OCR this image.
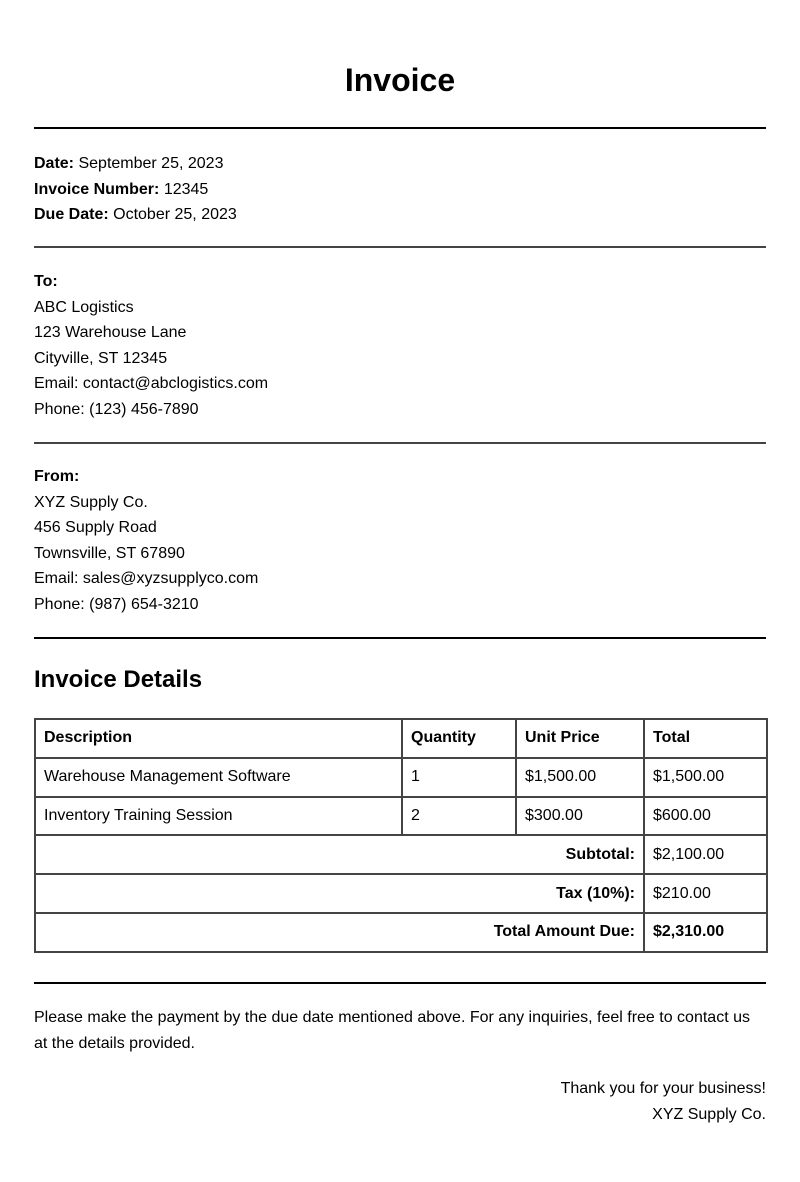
Invoice
Date: September 25, 2023
Invoice Number: 12345
Due Date: October 25, 2023
To:
ABC Logistics
123 Warehouse Lane
Cityville, ST 12345
Email: contact@abclogistics.com
Phone: (123) 456-7890
From:
XYZ Supply Co.
456 Supply Road
Townsville, ST 67890
Email: sales@xyzsupplyco.com
Phone: (987) 654-3210
Invoice Details
Description	Quantity	Unit Price	Total
Warehouse Management Software	1	$1,500.00	$1,500.00
Inventory Training Session	2	$300.00	$600.00
Subtotal:			$2,100.00
Tax (10%):			$210.00
Total Amount Due:			$2,310.00
Please make the payment by the due date mentioned above. For any inquiries, feel free to contact us at the details provided.
Thank you for your business!
XYZ Supply Co.
